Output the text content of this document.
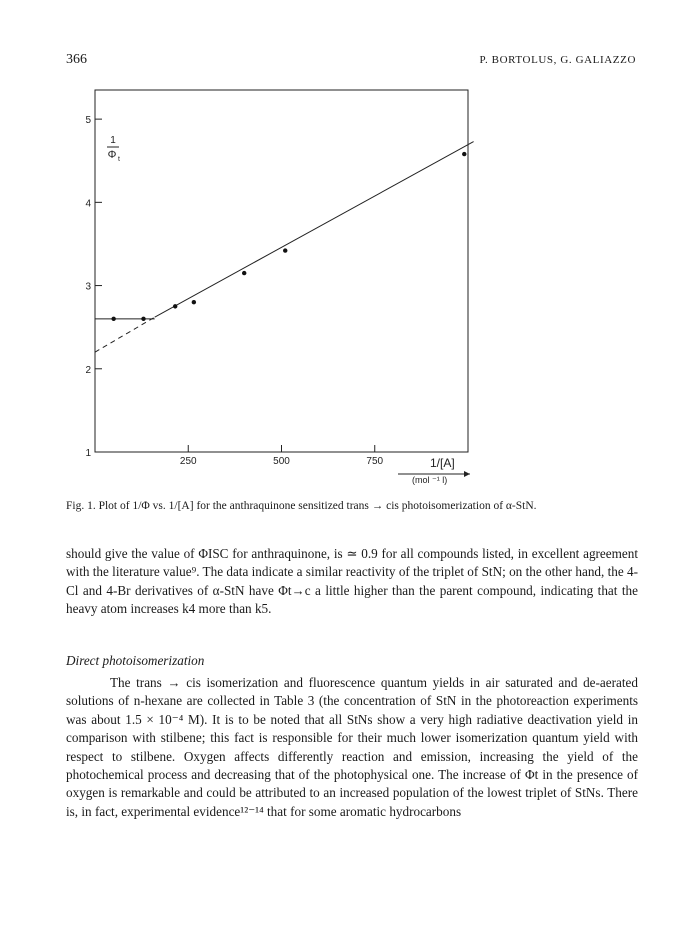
366	P. BORTOLUS, G. GALIAZZO
1
2
3
4
5
250	500	750
1
Φ t
1/[A]
(mol ⁻¹ l)
Fig. 1. Plot of 1/Φ vs. 1/[A] for the anthraquinone sensitized trans → cis photoisomerization of α-StN.
should give the value of ΦISC for anthraquinone, is ≃ 0.9 for all compounds listed, in excellent agreement with the literature value⁹. The data indicate a similar reactivity of the triplet of StN; on the other hand, the 4-Cl and 4-Br derivatives of α-StN have Φt→c a little higher than the parent compound, indicating that the heavy atom increases k4 more than k5.
Direct photoisomerization
The trans → cis isomerization and fluorescence quantum yields in air saturated and de-aerated solutions of n-hexane are collected in Table 3 (the concentration of StN in the photoreaction experiments was about 1.5 × 10⁻⁴ M). It is to be noted that all StNs show a very high radiative deactivation yield in comparison with stilbene; this fact is responsible for their much lower isomerization quantum yield with respect to stilbene. Oxygen affects differently reaction and emission, increasing the yield of the photochemical process and decreasing that of the photophysical one. The increase of Φt in the presence of oxygen is remarkable and could be attributed to an increased population of the lowest triplet of StNs. There is, in fact, experimental evidence¹²⁻¹⁴ that for some aromatic hydrocarbons
